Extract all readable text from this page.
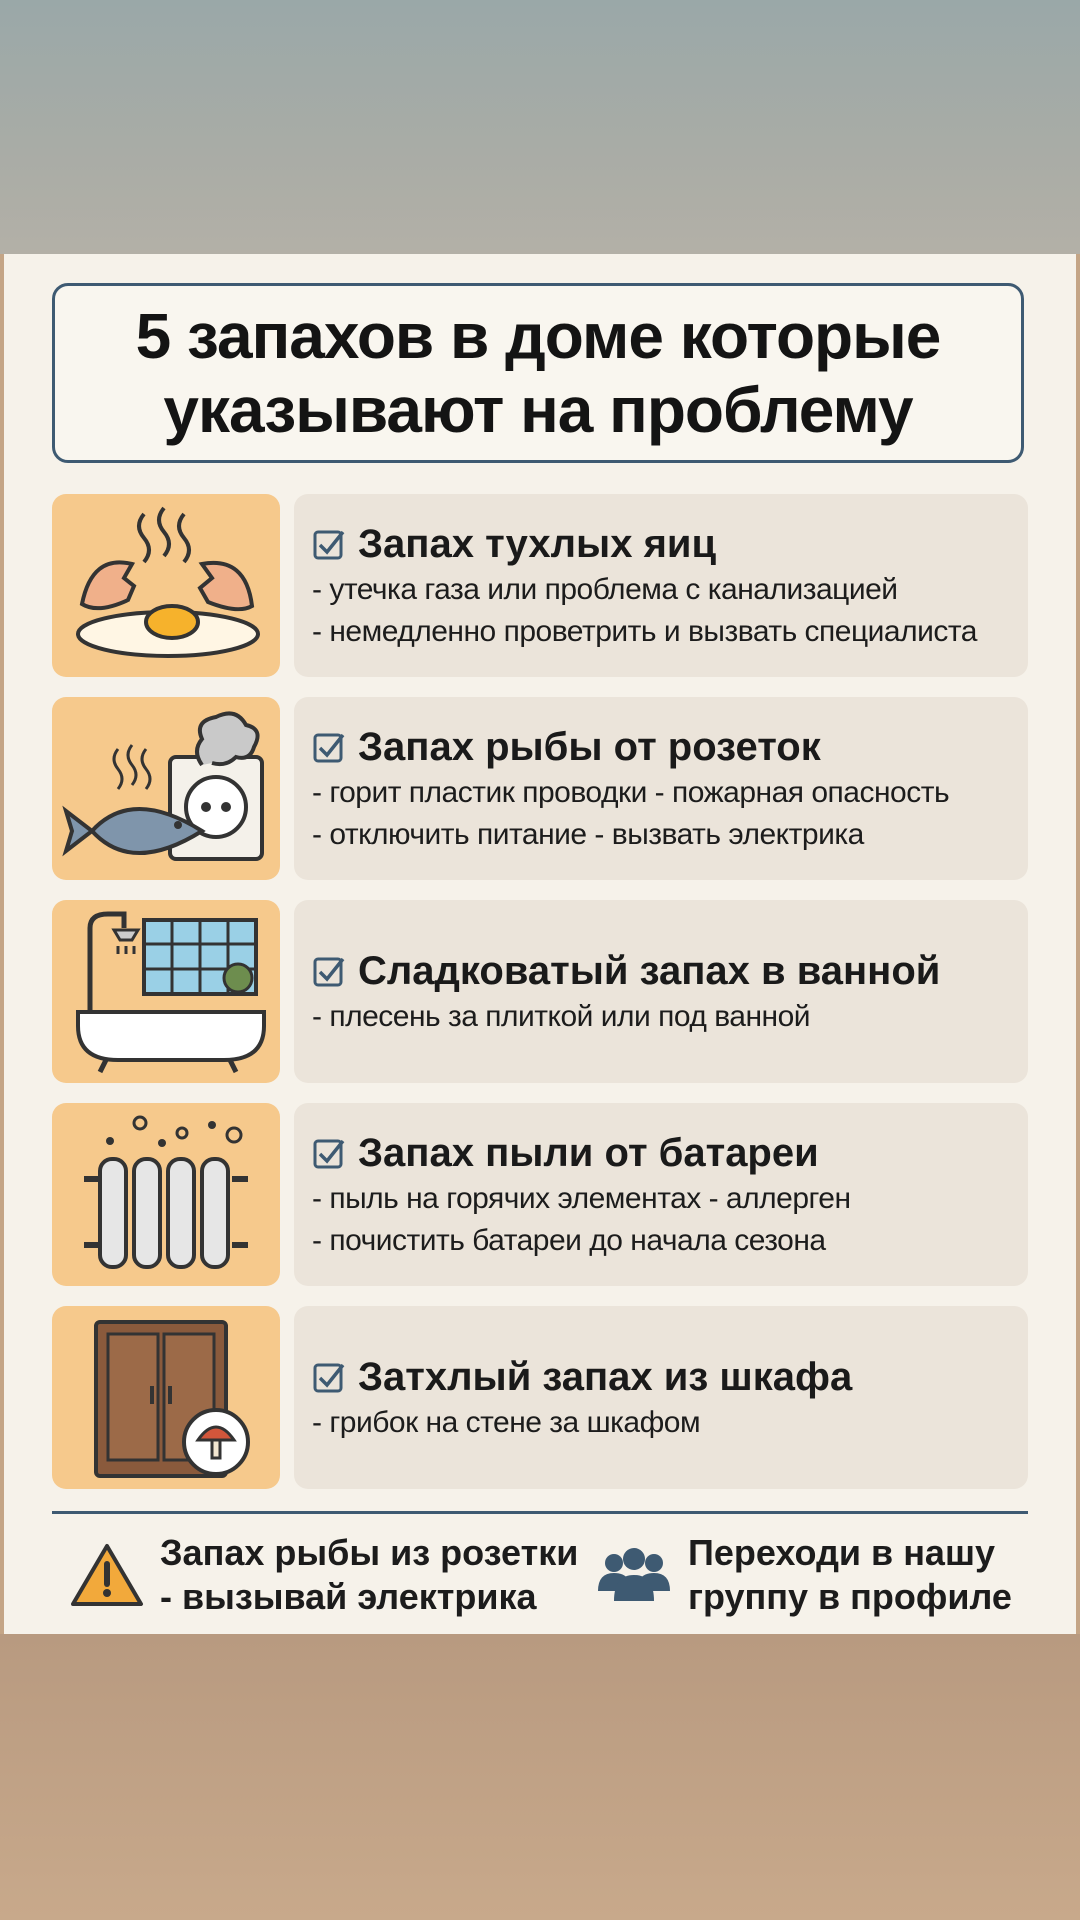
5 запахов в доме которые
указывают на проблему
Запах тухлых яиц
- утечка газа или проблема с канализацией
- немедленно проветрить и вызвать специалиста
Запах рыбы от розеток
- горит пластик проводки - пожарная опасность
- отключить питание - вызвать электрика
Сладковатый запах в ванной
- плесень за плиткой или под ванной
Запах пыли от батареи
- пыль на горячих элементах - аллерген
- почистить батареи до начала сезона
Затхлый запах из шкафа
- грибок на стене за шкафом
Запах рыбы из розетки - вызывай электрика
Переходи в нашу группу в профиле
